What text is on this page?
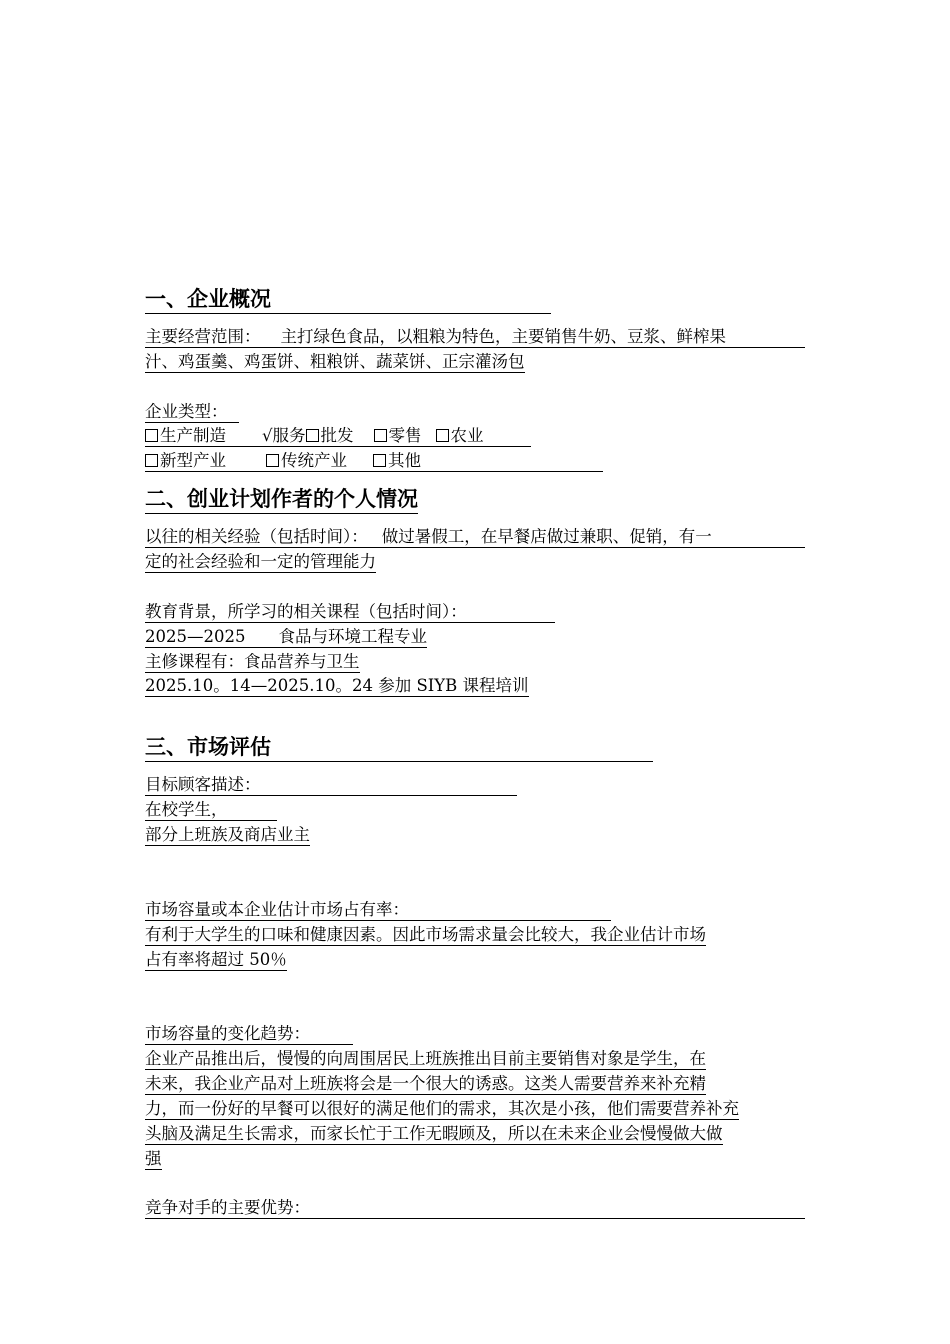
一、企业概况
主要经营范围： 主打绿色食品，以粗粮为特色，主要销售牛奶、豆浆、鲜榨果
汁、鸡蛋羹、鸡蛋饼、粗粮饼、蔬菜饼、正宗灌汤包
企业类型：
生产制造 √服务 批发 零售 农业
新型产业	传统产业 其他
二、创业计划作者的个人情况
以往的相关经验（包括时间）： 做过暑假工，在早餐店做过兼职、促销，有一
定的社会经验和一定的管理能力
教育背景，所学习的相关课程（包括时间）：
2025—2025　　食品与环境工程专业
主修课程有：食品营养与卫生
2025.10。14—2025.10。24 参加 SIYB 课程培训
三、市场评估
目标顾客描述：
在校学生，
部分上班族及商店业主
市场容量或本企业估计市场占有率：
有利于大学生的口味和健康因素。因此市场需求量会比较大，我企业估计市场
占有率将超过 50％
市场容量的变化趋势：
企业产品推出后，慢慢的向周围居民上班族推出目前主要销售对象是学生，在
未来，我企业产品对上班族将会是一个很大的诱惑。这类人需要营养来补充精
力，而一份好的早餐可以很好的满足他们的需求，其次是小孩，他们需要营养补充
头脑及满足生长需求，而家长忙于工作无暇顾及，所以在未来企业会慢慢做大做
强
竞争对手的主要优势：
